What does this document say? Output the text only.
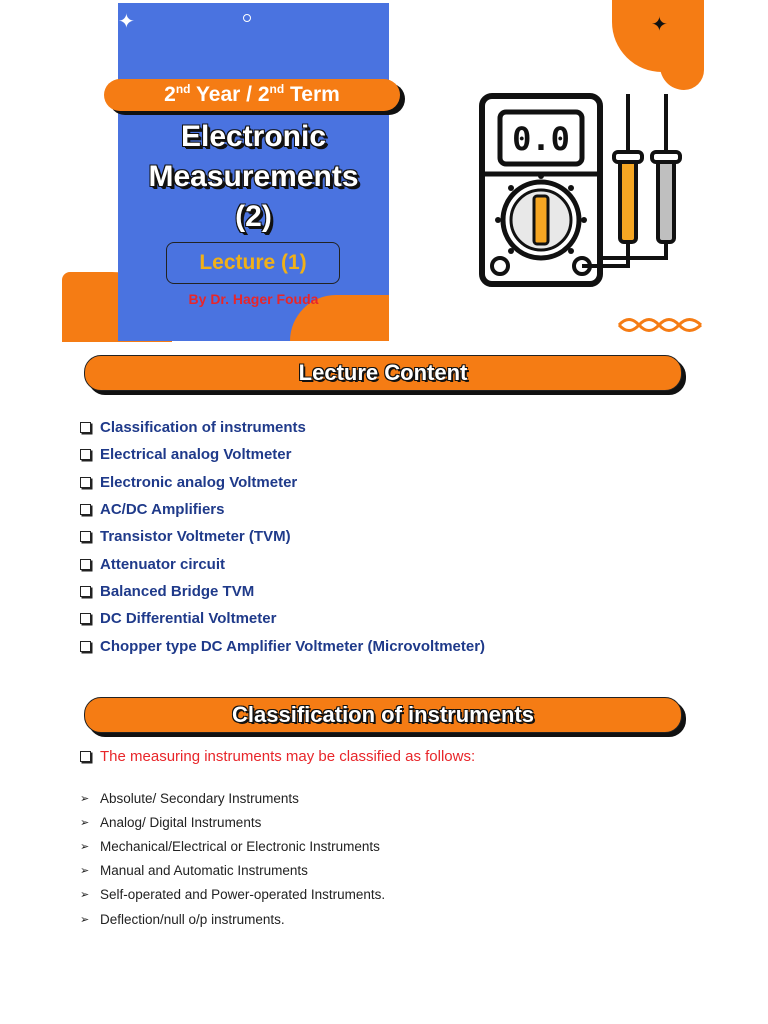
✦
2nd Year / 2nd Term
Electronic
Measurements
(2)
Lecture (1)
By Dr. Hager Fouda
✦
0.0
Lecture Content
Classification of instruments
Electrical analog Voltmeter
Electronic analog Voltmeter
AC/DC Amplifiers
Transistor Voltmeter (TVM)
Attenuator circuit
Balanced Bridge TVM
DC Differential Voltmeter
Chopper type DC Amplifier Voltmeter (Microvoltmeter)
Classification of instruments
The measuring instruments may be classified as follows:
➢ Absolute/ Secondary Instruments
➢ Analog/ Digital Instruments
➢ Mechanical/Electrical or Electronic Instruments
➢ Manual and Automatic Instruments
➢ Self-operated and Power-operated Instruments.
➢ Deflection/null o/p instruments.
